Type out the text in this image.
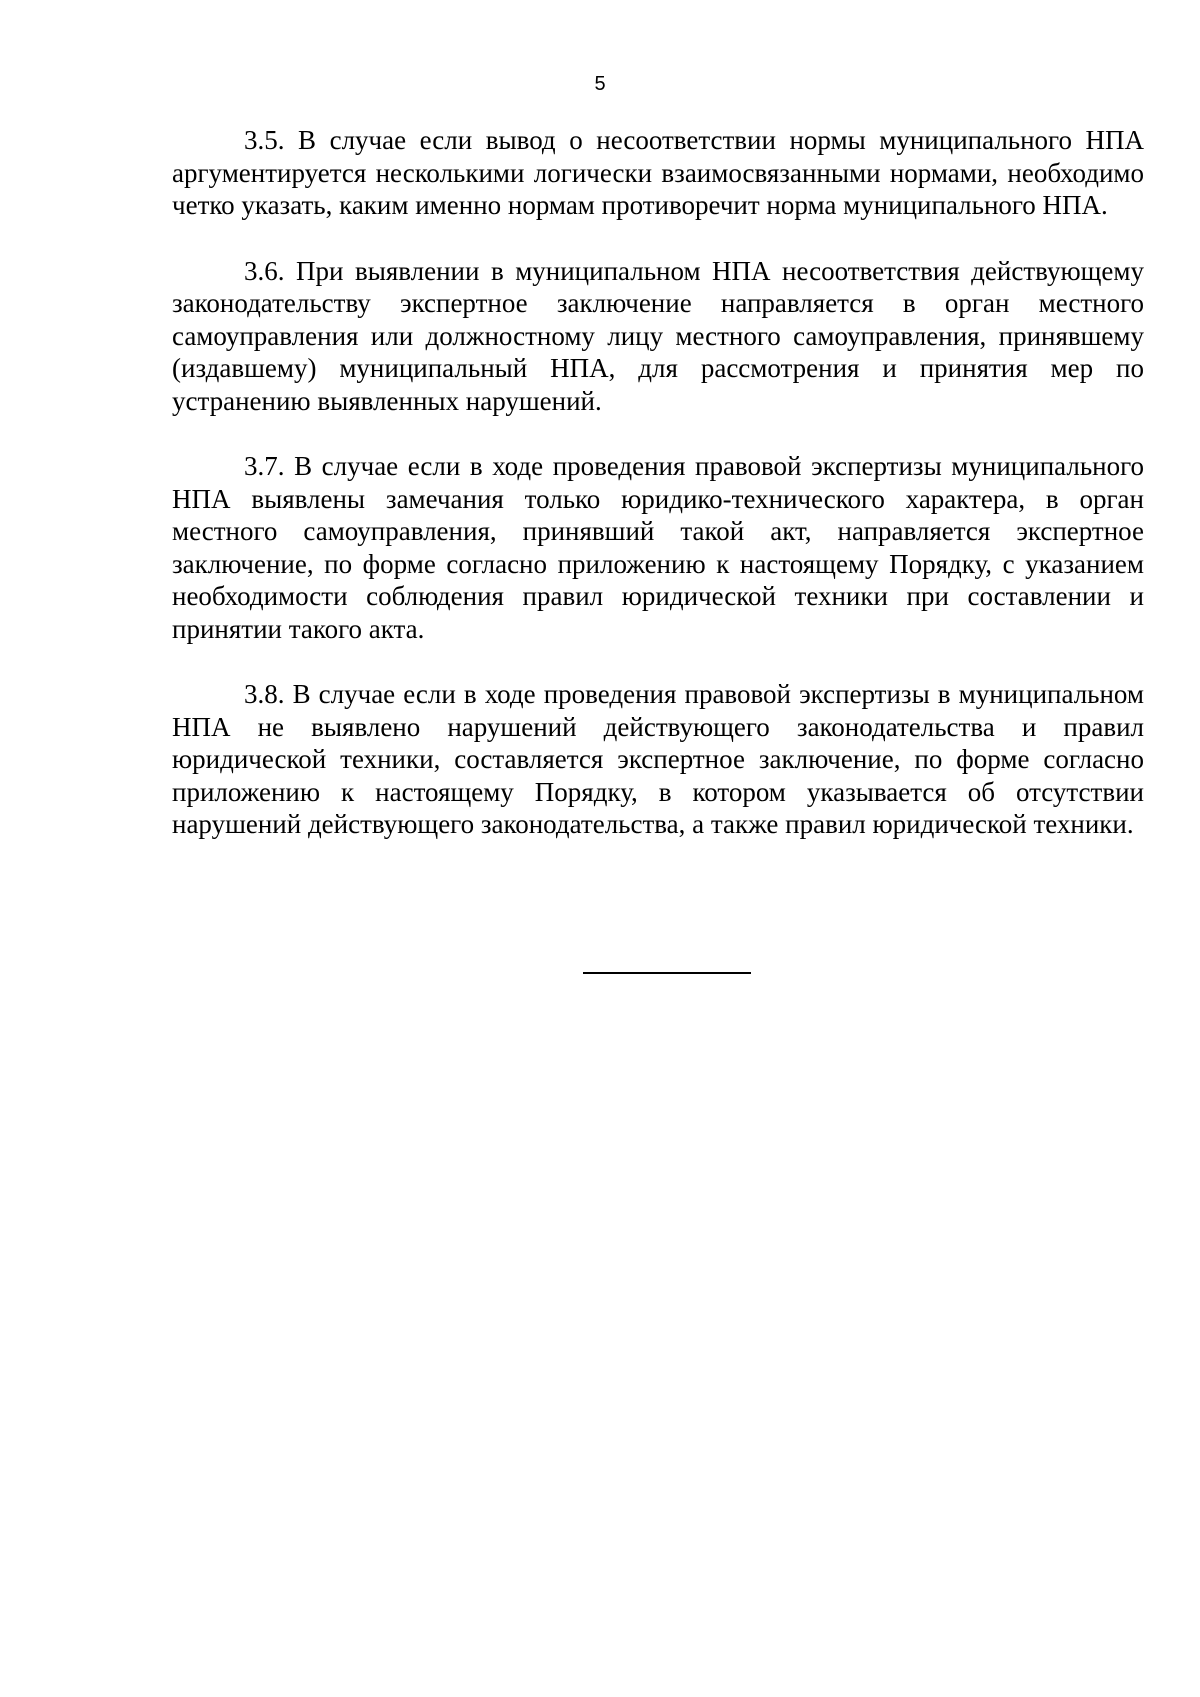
5

3.5. В случае если вывод о несоответствии нормы муниципального НПА аргументируется несколькими логически взаимосвязанными нормами, необходимо четко указать, каким именно нормам противоречит норма муниципального НПА.

3.6. При выявлении в муниципальном НПА несоответствия действующему законодательству экспертное заключение направляется в орган местного самоуправления или должностному лицу местного самоуправления, принявшему (издавшему) муниципальный НПА, для рассмотрения и принятия мер по устранению выявленных нарушений.

3.7. В случае если в ходе проведения правовой экспертизы муниципального НПА выявлены замечания только юридико-технического характера, в орган местного самоуправления, принявший такой акт, направляется экспертное заключение, по форме согласно приложению к настоящему Порядку, с указанием необходимости соблюдения правил юридической техники при составлении и принятии такого акта.

3.8. В случае если в ходе проведения правовой экспертизы в муниципальном НПА не выявлено нарушений действующего законодательства и правил юридической техники, составляется экспертное заключение, по форме согласно приложению к настоящему Порядку, в котором указывается об отсутствии нарушений действующего законодательства, а также правил юридической техники.
